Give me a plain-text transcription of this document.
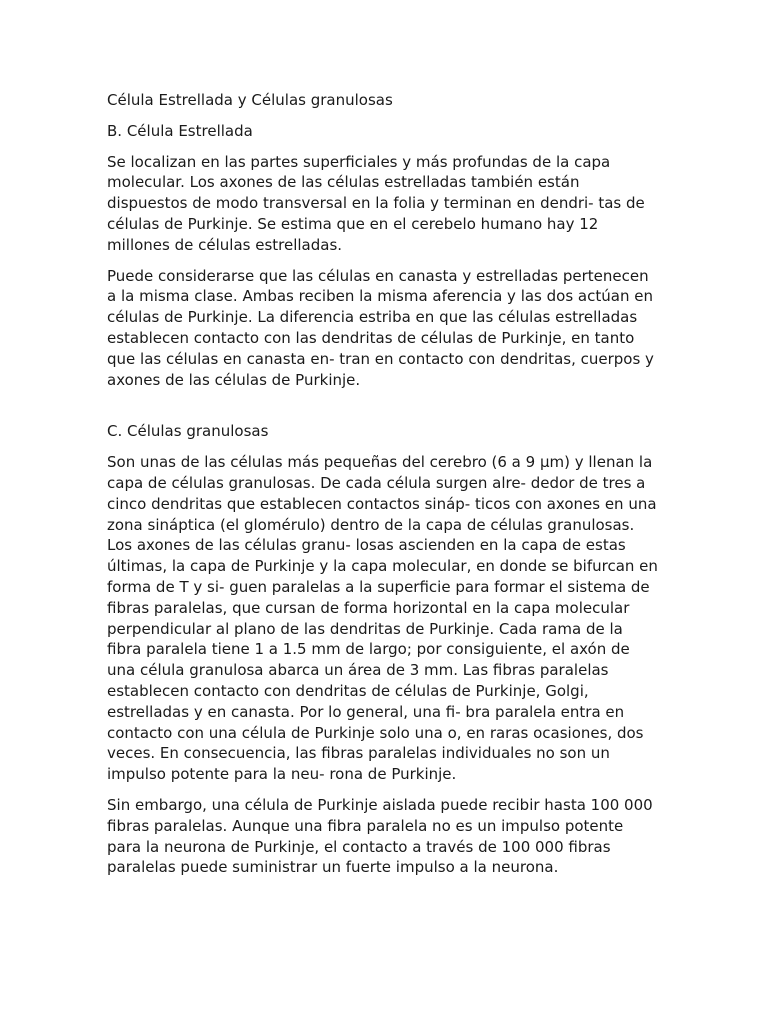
Célula Estrellada y Células granulosas

B. Célula Estrellada

Se localizan en las partes superficiales y más profundas de la capa
molecular. Los axones de las células estrelladas también están
dispuestos de modo transversal en la folia y terminan en dendri- tas de
células de Purkinje. Se estima que en el cerebelo humano hay 12
millones de células estrelladas.

Puede considerarse que las células en canasta y estrelladas pertenecen
a la misma clase. Ambas reciben la misma aferencia y las dos actúan en
células de Purkinje. La diferencia estriba en que las células estrelladas
establecen contacto con las dendritas de células de Purkinje, en tanto
que las células en canasta en- tran en contacto con dendritas, cuerpos y
axones de las células de Purkinje.

C. Células granulosas

Son unas de las células más pequeñas del cerebro (6 a 9 µm) y llenan la
capa de células granulosas. De cada célula surgen alre- dedor de tres a
cinco dendritas que establecen contactos sináp- ticos con axones en una
zona sináptica (el glomérulo) dentro de la capa de células granulosas.
Los axones de las células granu- losas ascienden en la capa de estas
últimas, la capa de Purkinje y la capa molecular, en donde se bifurcan en
forma de T y si- guen paralelas a la superficie para formar el sistema de
fibras paralelas, que cursan de forma horizontal en la capa molecular
perpendicular al plano de las dendritas de Purkinje. Cada rama de la
fibra paralela tiene 1 a 1.5 mm de largo; por consiguiente, el axón de
una célula granulosa abarca un área de 3 mm. Las fibras paralelas
establecen contacto con dendritas de células de Purkinje, Golgi,
estrelladas y en canasta. Por lo general, una fi- bra paralela entra en
contacto con una célula de Purkinje solo una o, en raras ocasiones, dos
veces. En consecuencia, las fibras paralelas individuales no son un
impulso potente para la neu- rona de Purkinje.

Sin embargo, una célula de Purkinje aislada puede recibir hasta 100 000
fibras paralelas. Aunque una fibra paralela no es un impulso potente
para la neurona de Purkinje, el contacto a través de 100 000 fibras
paralelas puede suministrar un fuerte impulso a la neurona.
